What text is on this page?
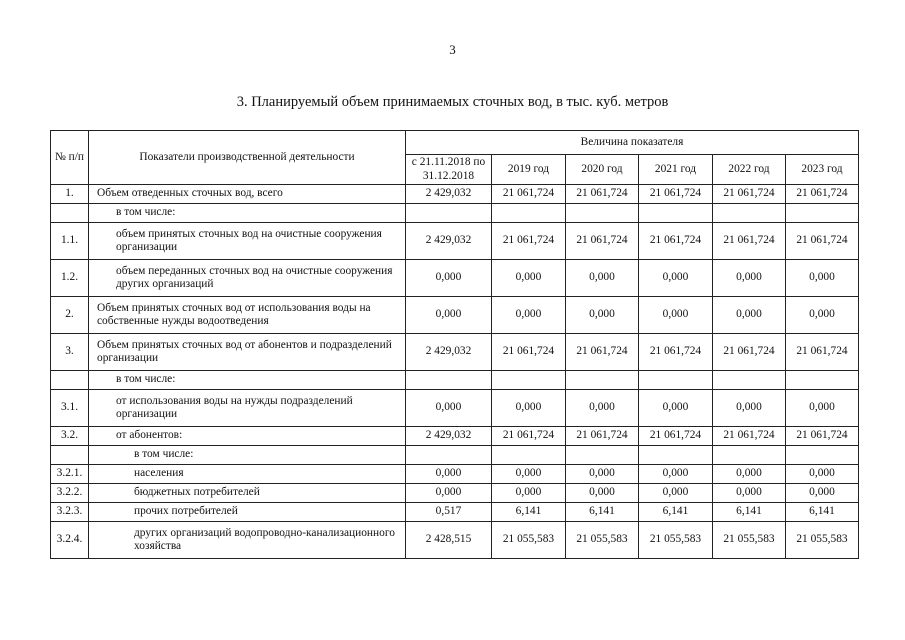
3
3. Планируемый объем принимаемых сточных вод, в тыс. куб. метров
№ п/п	Показатели производственной деятельности	Величина показателя					
		с 21.11.2018 по 31.12.2018	2019 год	2020 год	2021 год	2022 год	2023 год
1.	Объем отведенных сточных вод, всего	2 429,032	21 061,724	21 061,724	21 061,724	21 061,724	21 061,724
	в том числе:						
1.1.	объем принятых сточных вод на очистные сооружения организации	2 429,032	21 061,724	21 061,724	21 061,724	21 061,724	21 061,724
1.2.	объем переданных сточных вод на очистные сооружения других организаций	0,000	0,000	0,000	0,000	0,000	0,000
2.	Объем принятых сточных вод от использования воды на собственные нужды водоотведения	0,000	0,000	0,000	0,000	0,000	0,000
3.	Объем принятых сточных вод от абонентов и подразделений организации	2 429,032	21 061,724	21 061,724	21 061,724	21 061,724	21 061,724
	в том числе:						
3.1.	от использования воды на нужды подразделений организации	0,000	0,000	0,000	0,000	0,000	0,000
3.2.	от абонентов:	2 429,032	21 061,724	21 061,724	21 061,724	21 061,724	21 061,724
	в том числе:						
3.2.1.	населения	0,000	0,000	0,000	0,000	0,000	0,000
3.2.2.	бюджетных потребителей	0,000	0,000	0,000	0,000	0,000	0,000
3.2.3.	прочих потребителей	0,517	6,141	6,141	6,141	6,141	6,141
3.2.4.	других организаций водопроводно-канализационного хозяйства	2 428,515	21 055,583	21 055,583	21 055,583	21 055,583	21 055,583
